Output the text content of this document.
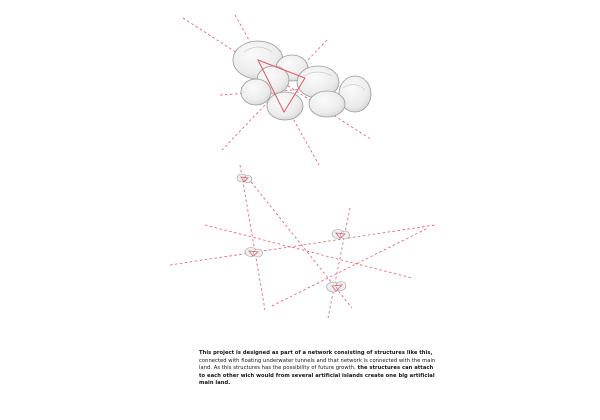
This project is designed as part of a network consisting of structures like this, connected with floating underwater tunnels and that network is connected with the main land. As this structures has the possibility of future growth, the structures can attach to each other wich would from several artificial islands create one big artificial main land.
